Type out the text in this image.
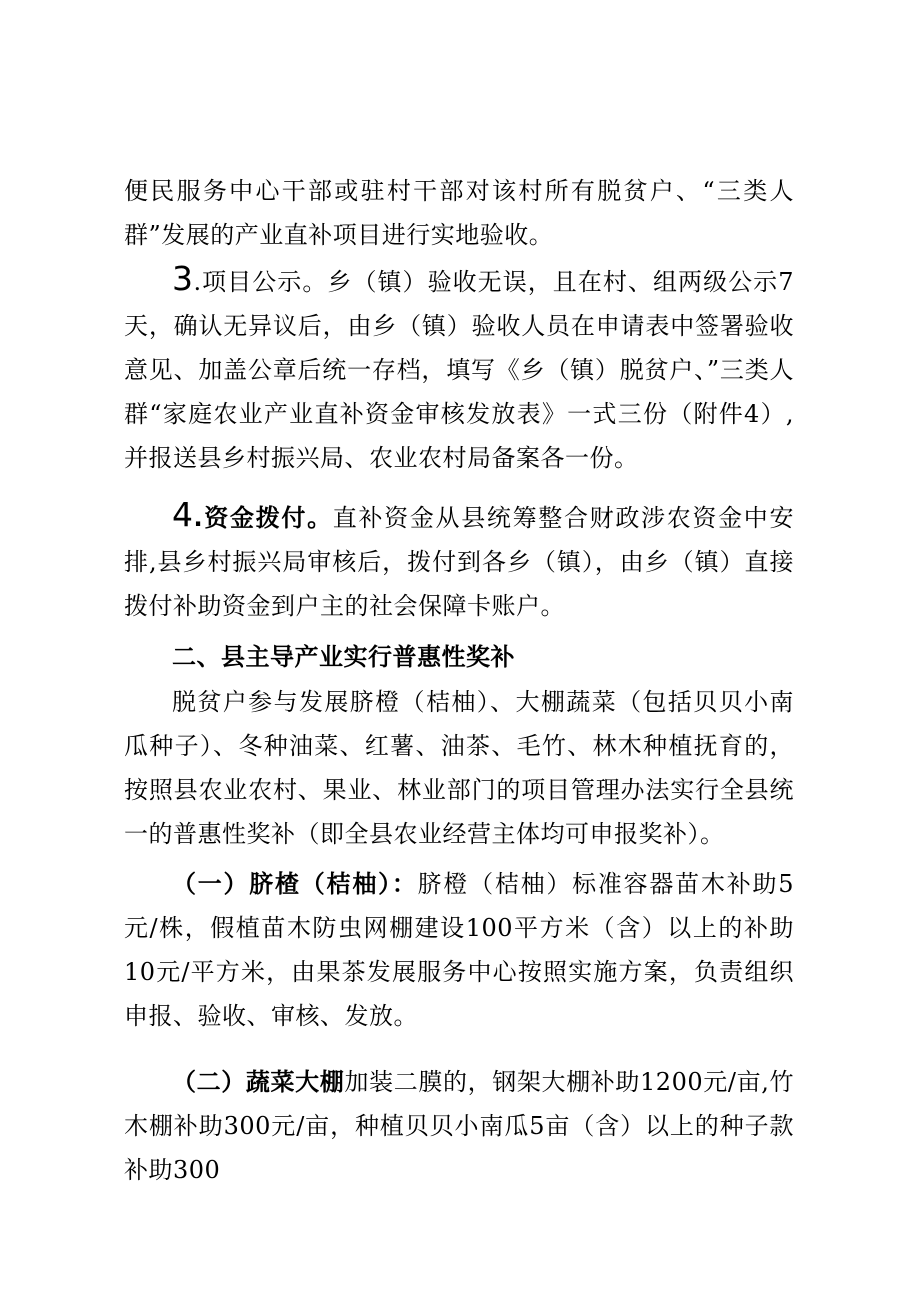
便民服务中心干部或驻村干部对该村所有脱贫户、“三类人群”发展的产业直补项目进行实地验收。

3.项目公示。乡（镇）验收无误，且在村、组两级公示7天，确认无异议后，由乡（镇）验收人员在申请表中签署验收意见、加盖公章后统一存档，填写《乡（镇）脱贫户、”三类人群“家庭农业产业直补资金审核发放表》一式三份（附件4）,并报送县乡村振兴局、农业农村局备案各一份。

4.资金拨付。直补资金从县统筹整合财政涉农资金中安排,县乡村振兴局审核后，拨付到各乡（镇），由乡（镇）直接拨付补助资金到户主的社会保障卡账户。

二、县主导产业实行普惠性奖补

脱贫户参与发展脐橙（桔柚）、大棚蔬菜（包括贝贝小南瓜种子）、冬种油菜、红薯、油茶、毛竹、林木种植抚育的，按照县农业农村、果业、林业部门的项目管理办法实行全县统一的普惠性奖补（即全县农业经营主体均可申报奖补）。

（一）脐楂（桔柚）：脐橙（桔柚）标准容器苗木补助5元/株，假植苗木防虫网棚建设100平方米（含）以上的补助10元/平方米，由果茶发展服务中心按照实施方案，负责组织申报、验收、审核、发放。

（二）蔬菜大棚加装二膜的，钢架大棚补助1200元/亩,竹木棚补助300元/亩，种植贝贝小南瓜5亩（含）以上的种子款补助300
